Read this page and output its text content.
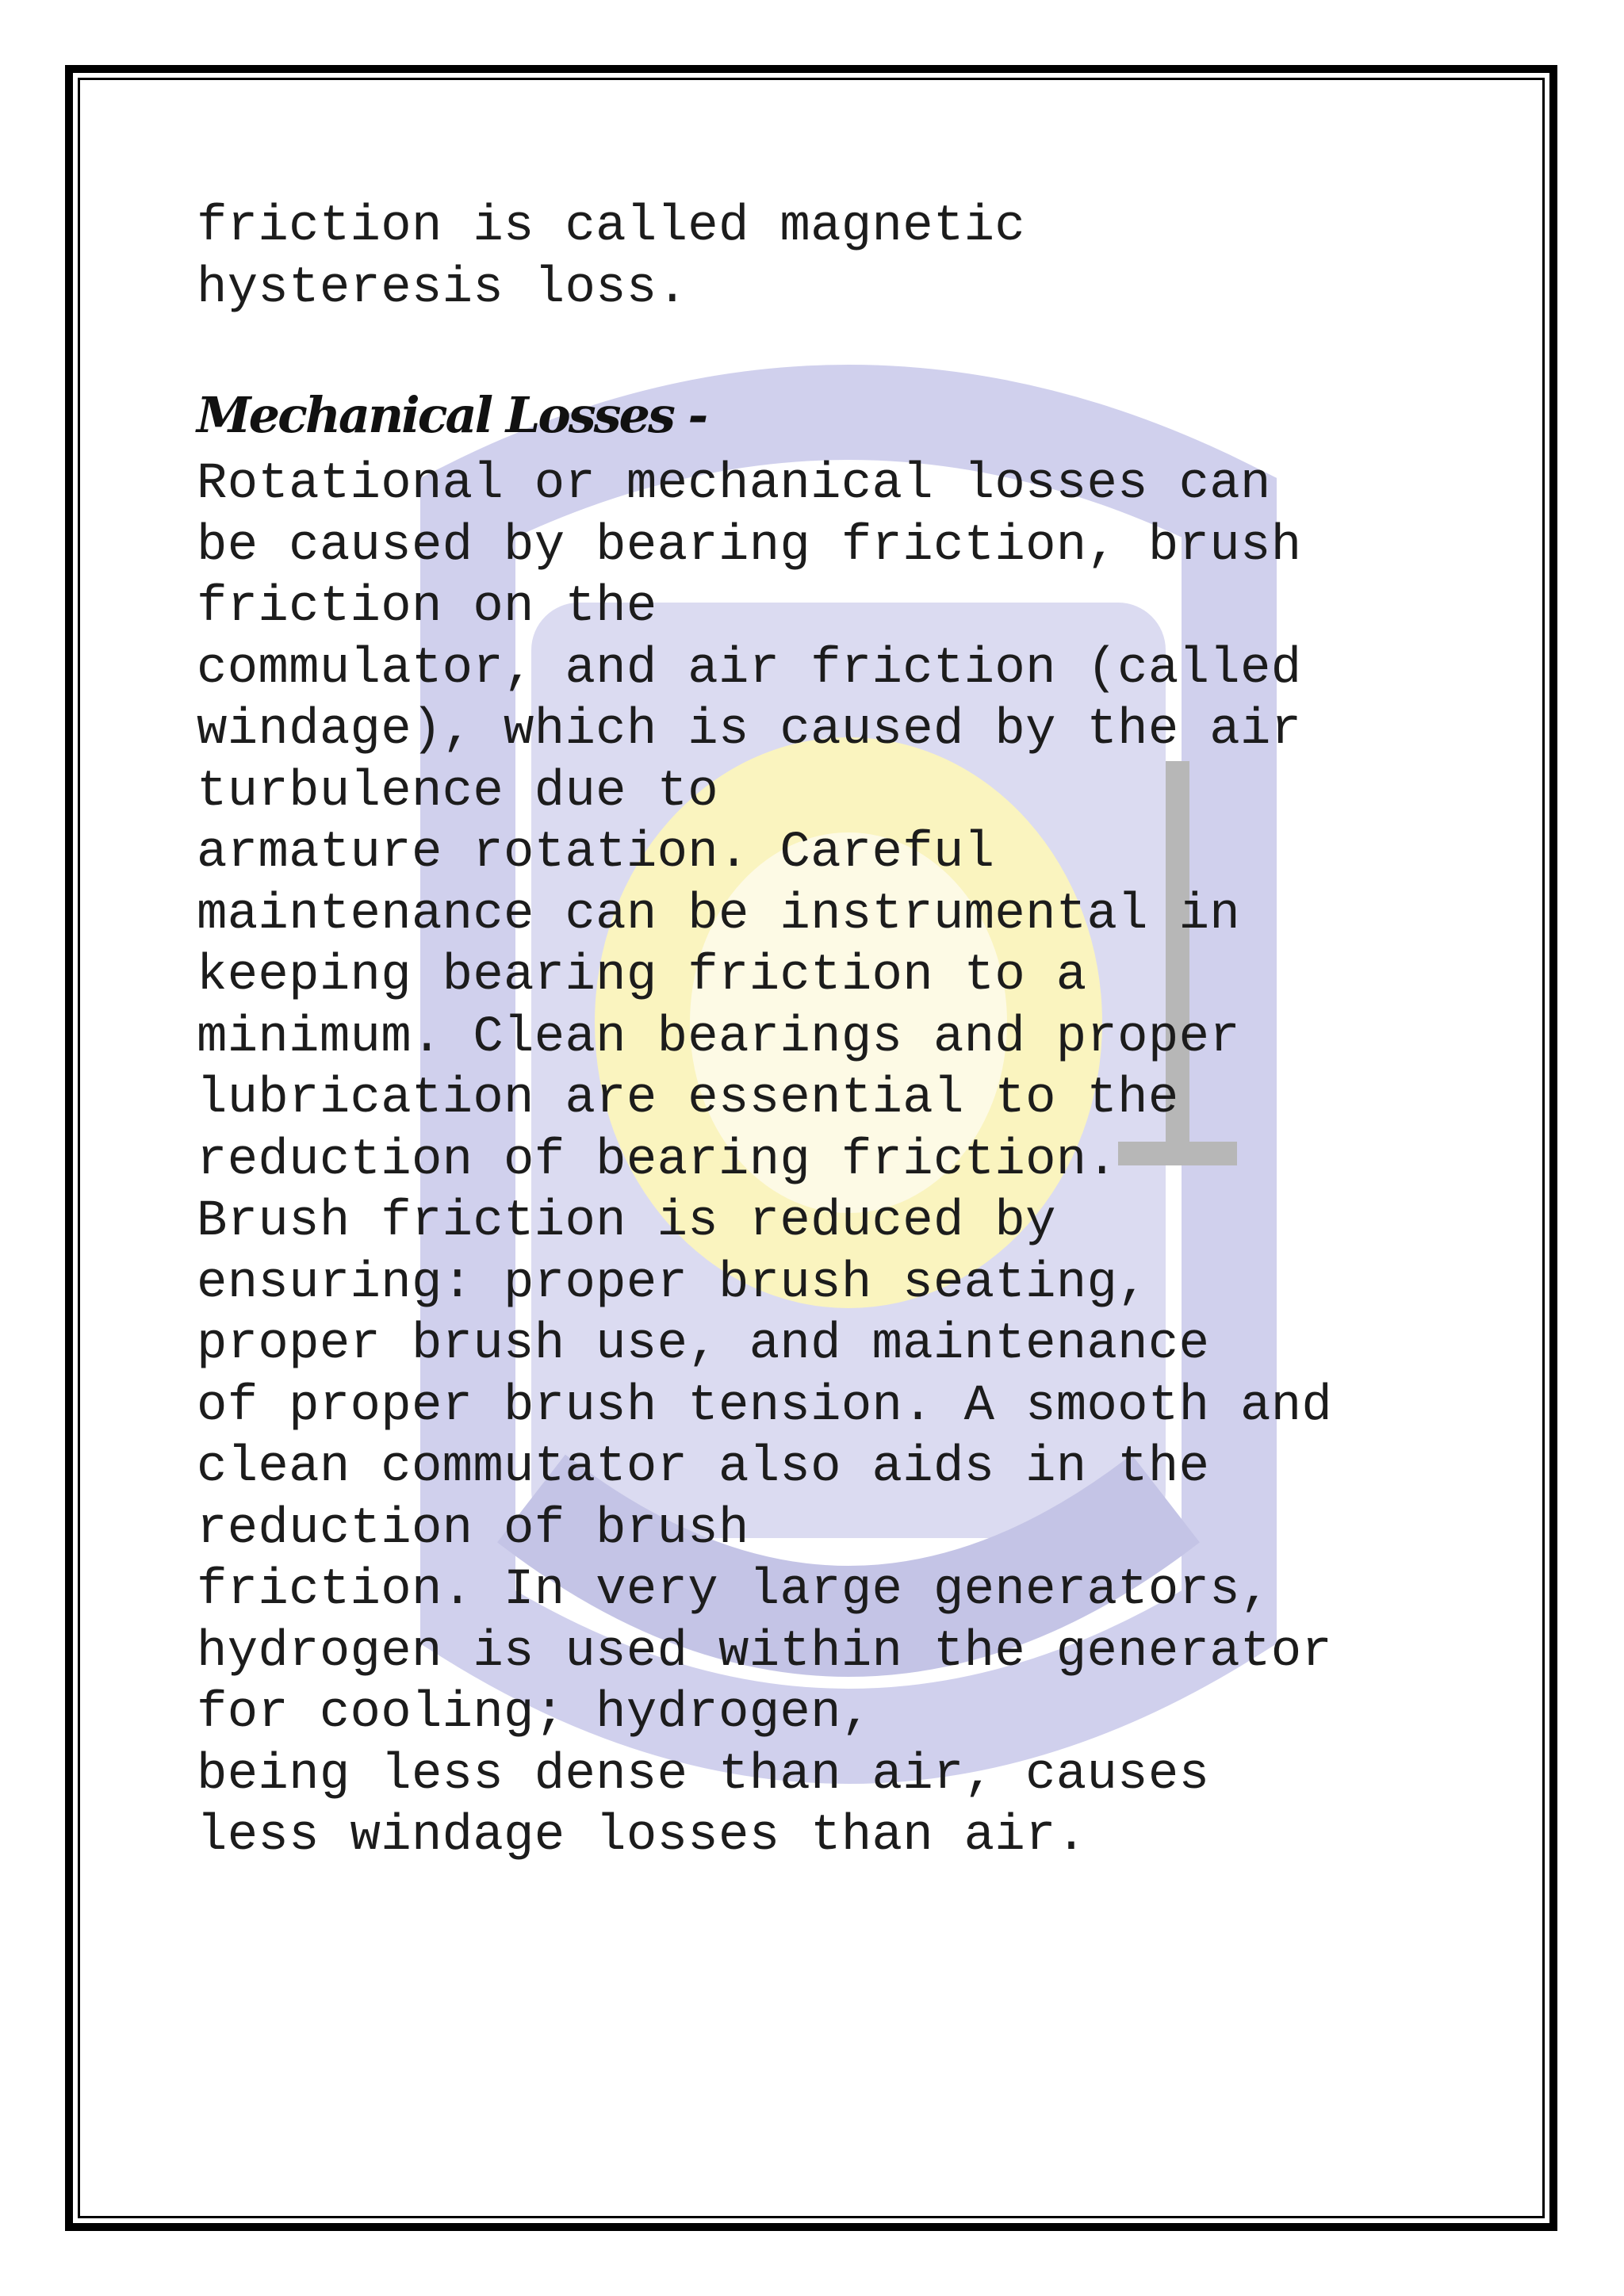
friction is called magnetic
hysteresis loss.
Mechanical Losses -
Rotational or mechanical losses can
be caused by bearing friction, brush
friction on the
commulator, and air friction (called
windage), which is caused by the air
turbulence due to
armature rotation. Careful
maintenance can be instrumental in
keeping bearing friction to a
minimum. Clean bearings and proper
lubrication are essential to the
reduction of bearing friction.
Brush friction is reduced by
ensuring: proper brush seating,
proper brush use, and maintenance
of proper brush tension. A smooth and
clean commutator also aids in the
reduction of brush
friction. In very large generators,
hydrogen is used within the generator
for cooling; hydrogen,
being less dense than air, causes
less windage losses than air.
